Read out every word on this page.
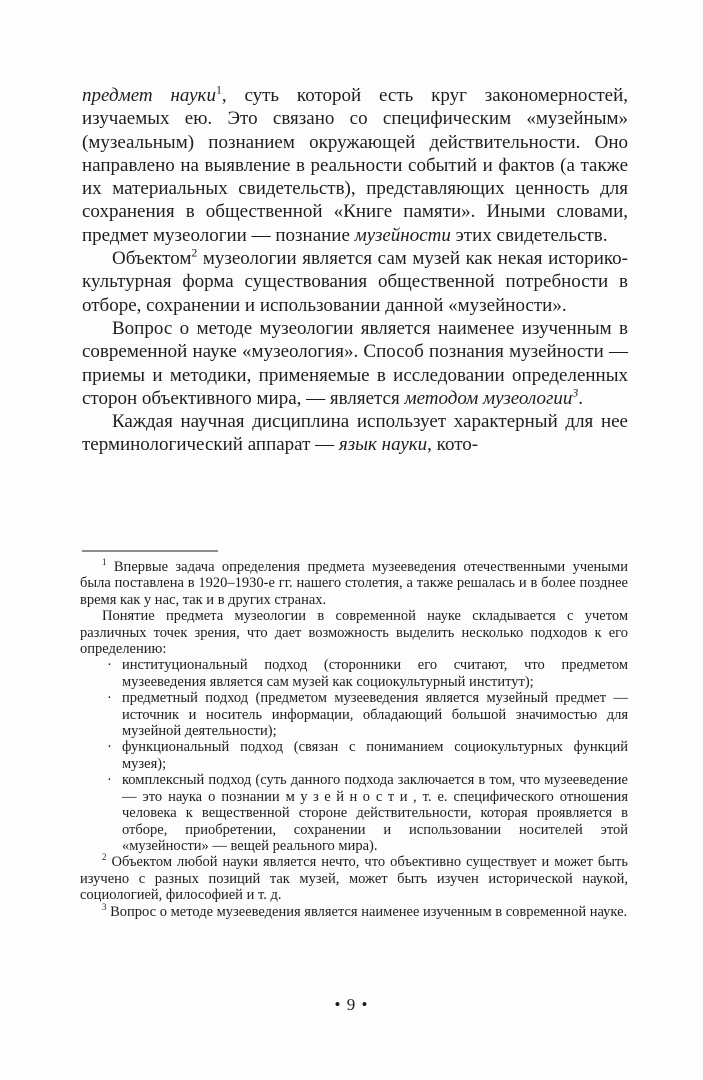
предмет науки$^1$, суть которой есть круг закономерностей, изучаемых ею. Это связано со специфическим «музейным» (музеальным) познанием окружающей действительности. Оно направлено на выявление в реальности событий и фактов (а также их материальных свидетельств), представляющих ценность для сохранения в общественной «Книге памяти». Иными словами, предмет музеологии — познание музейности этих свидетельств.
Объектом$^2$ музеологии является сам музей как некая историко-культурная форма существования общественной потребности в отборе, сохранении и использовании данной «музейности».
Вопрос о методе музеологии является наименее изученным в современной науке «музеология». Способ познания музейности — приемы и методики, применяемые в исследовании определенных сторон объективного мира, — является методом музеологии$^3$.
Каждая научная дисциплина использует характерный для нее терминологический аппарат — язык науки, кото-
$^1$ Впервые задача определения предмета музееведения отечественными учеными была поставлена в 1920–1930-е гг. нашего столетия, а также решалась и в более позднее время как у нас, так и в других странах.
Понятие предмета музеологии в современной науке складывается с учетом различных точек зрения, что дает возможность выделить несколько подходов к его определению:
· институциональный подход (сторонники его считают, что предметом музееведения является сам музей как социокультурный институт);
· предметный подход (предметом музееведения является музейный предмет — источник и носитель информации, обладающий большой значимостью для музейной деятельности);
· функциональный подход (связан с пониманием социокультурных функций музея);
· комплексный подход (суть данного подхода заключается в том, что музееведение — это наука о познании музейности, т. е. специфического отношения человека к вещественной стороне действительности, которая проявляется в отборе, приобретении, сохранении и использовании носителей этой «музейности» — вещей реального мира).
$^2$ Объектом любой науки является нечто, что объективно существует и может быть изучено с разных позиций так музей, может быть изучен исторической наукой, социологией, философией и т. д.
$^3$ Вопрос о методе музееведения является наименее изученным в современной науке.
• 9 •
